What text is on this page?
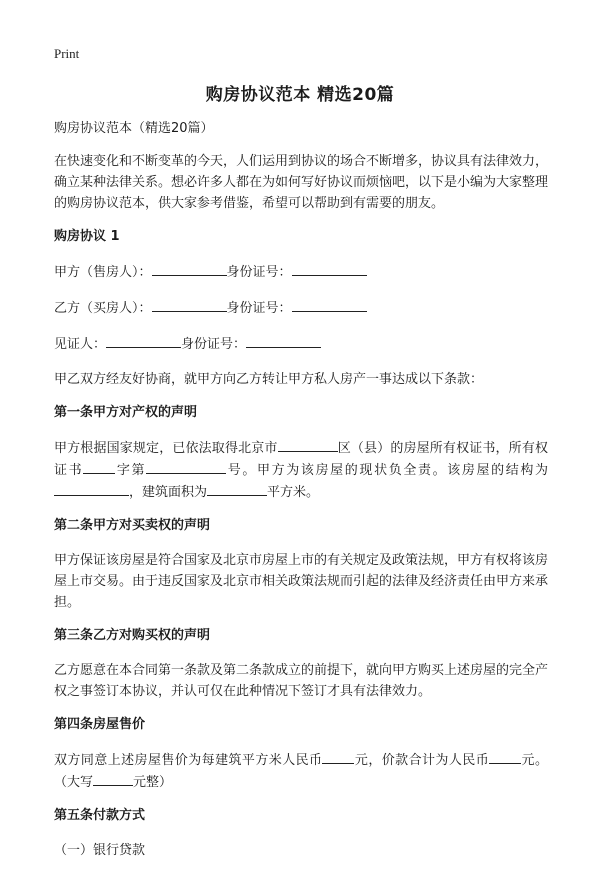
Print
购房协议范本 精选20篇

购房协议范本（精选20篇）

在快速变化和不断变革的今天，人们运用到协议的场合不断增多，协议具有法律效力，确立某种法律关系。想必许多人都在为如何写好协议而烦恼吧，以下是小编为大家整理的购房协议范本，供大家参考借鉴，希望可以帮助到有需要的朋友。

购房协议 1

甲方（售房人）：	身份证号：

乙方（买房人）：	身份证号：

见证人：	身份证号：

甲乙双方经友好协商，就甲方向乙方转让甲方私人房产一事达成以下条款：

第一条甲方对产权的声明

甲方根据国家规定，已依法取得北京市	区（县）的房屋所有权证书，所有权证书 字第	号。甲方为该房屋的现状负全责。该房屋的结构为，建筑面积为	平方米。

第二条甲方对买卖权的声明

甲方保证该房屋是符合国家及北京市房屋上市的有关规定及政策法规，甲方有权将该房屋上市交易。由于违反国家及北京市相关政策法规而引起的法律及经济责任由甲方来承担。

第三条乙方对购买权的声明

乙方愿意在本合同第一条款及第二条款成立的前提下，就向甲方购买上述房屋的完全产权之事签订本协议，并认可仅在此种情况下签订才具有法律效力。

第四条房屋售价

双方同意上述房屋售价为每建筑平方米人民币 元，价款合计为人民币 元。（大写	元整）

第五条付款方式

（一）银行贷款
